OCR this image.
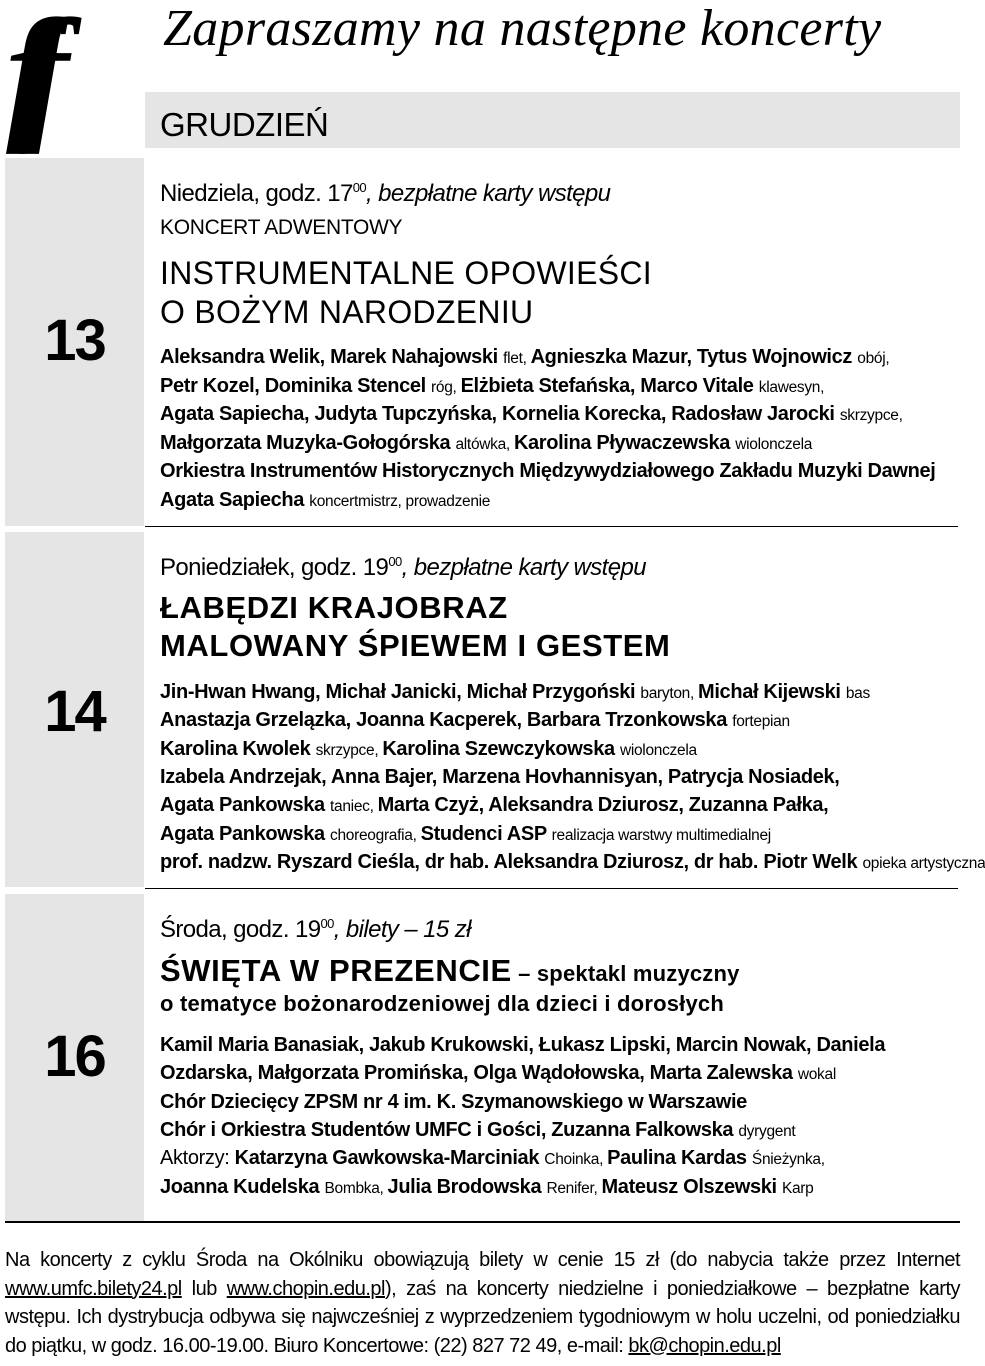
ff	Zapraszamy na następne koncerty
GRUDZIEŃ
13
14
16
Niedziela, godz. $17^{00}$, bezpłatne karty wstępu
KONCERT ADWENTOWY
INSTRUMENTALNE OPOWIEŚCI
O BOŻYM NARODZENIU
Aleksandra Welik, Marek Nahajowski flet, Agnieszka Mazur, Tytus Wojnowicz obój,
Petr Kozel, Dominika Stencel róg, Elżbieta Stefańska, Marco Vitale klawesyn,
Agata Sapiecha, Judyta Tupczyńska, Kornelia Korecka, Radosław Jarocki skrzypce,
Małgorzata Muzyka-Gołogórska altówka, Karolina Pływaczewska wiolonczela
Orkiestra Instrumentów Historycznych Międzywydziałowego Zakładu Muzyki Dawnej
Agata Sapiecha koncertmistrz, prowadzenie
Poniedziałek, godz. $19^{00}$, bezpłatne karty wstępu
ŁABĘDZI KRAJOBRAZ
MALOWANY ŚPIEWEM I GESTEM
Jin-Hwan Hwang, Michał Janicki, Michał Przygoński baryton, Michał Kijewski bas
Anastazja Grzelązka, Joanna Kacperek, Barbara Trzonkowska fortepian
Karolina Kwolek skrzypce, Karolina Szewczykowska wiolonczela
Izabela Andrzejak, Anna Bajer, Marzena Hovhannisyan, Patrycja Nosiadek,
Agata Pankowska taniec, Marta Czyż, Aleksandra Dziurosz, Zuzanna Pałka,
Agata Pankowska choreografia, Studenci ASP realizacja warstwy multimedialnej
prof. nadzw. Ryszard Cieśla, dr hab. Aleksandra Dziurosz, dr hab. Piotr Welk opieka artystyczna
Środa, godz. $19^{00}$, bilety – 15 zł
ŚWIĘTA W PREZENCIE – spektakl muzyczny
o tematyce bożonarodzeniowej dla dzieci i dorosłych
Kamil Maria Banasiak, Jakub Krukowski, Łukasz Lipski, Marcin Nowak, Daniela
Ozdarska, Małgorzata Promińska, Olga Wądołowska, Marta Zalewska wokal
Chór Dziecięcy ZPSM nr 4 im. K. Szymanowskiego w Warszawie
Chór i Orkiestra Studentów UMFC i Gości, Zuzanna Falkowska dyrygent
Aktorzy: Katarzyna Gawkowska-Marciniak Choinka, Paulina Kardas Śnieżynka,
Joanna Kudelska Bombka, Julia Brodowska Renifer, Mateusz Olszewski Karp
Na koncerty z cyklu Środa na Okólniku obowiązują bilety w cenie 15 zł (do nabycia także przez Internet www.umfc.bilety24.pl lub www.chopin.edu.pl), zaś na koncerty niedzielne i poniedziałkowe – bezpłatne karty wstępu. Ich dystrybucja odbywa się najwcześniej z wyprzedzeniem tygodniowym w holu uczelni, od poniedziałku do piątku, w godz. 16.00-19.00. Biuro Koncertowe: (22) 827 72 49, e-mail: bk@chopin.edu.pl
